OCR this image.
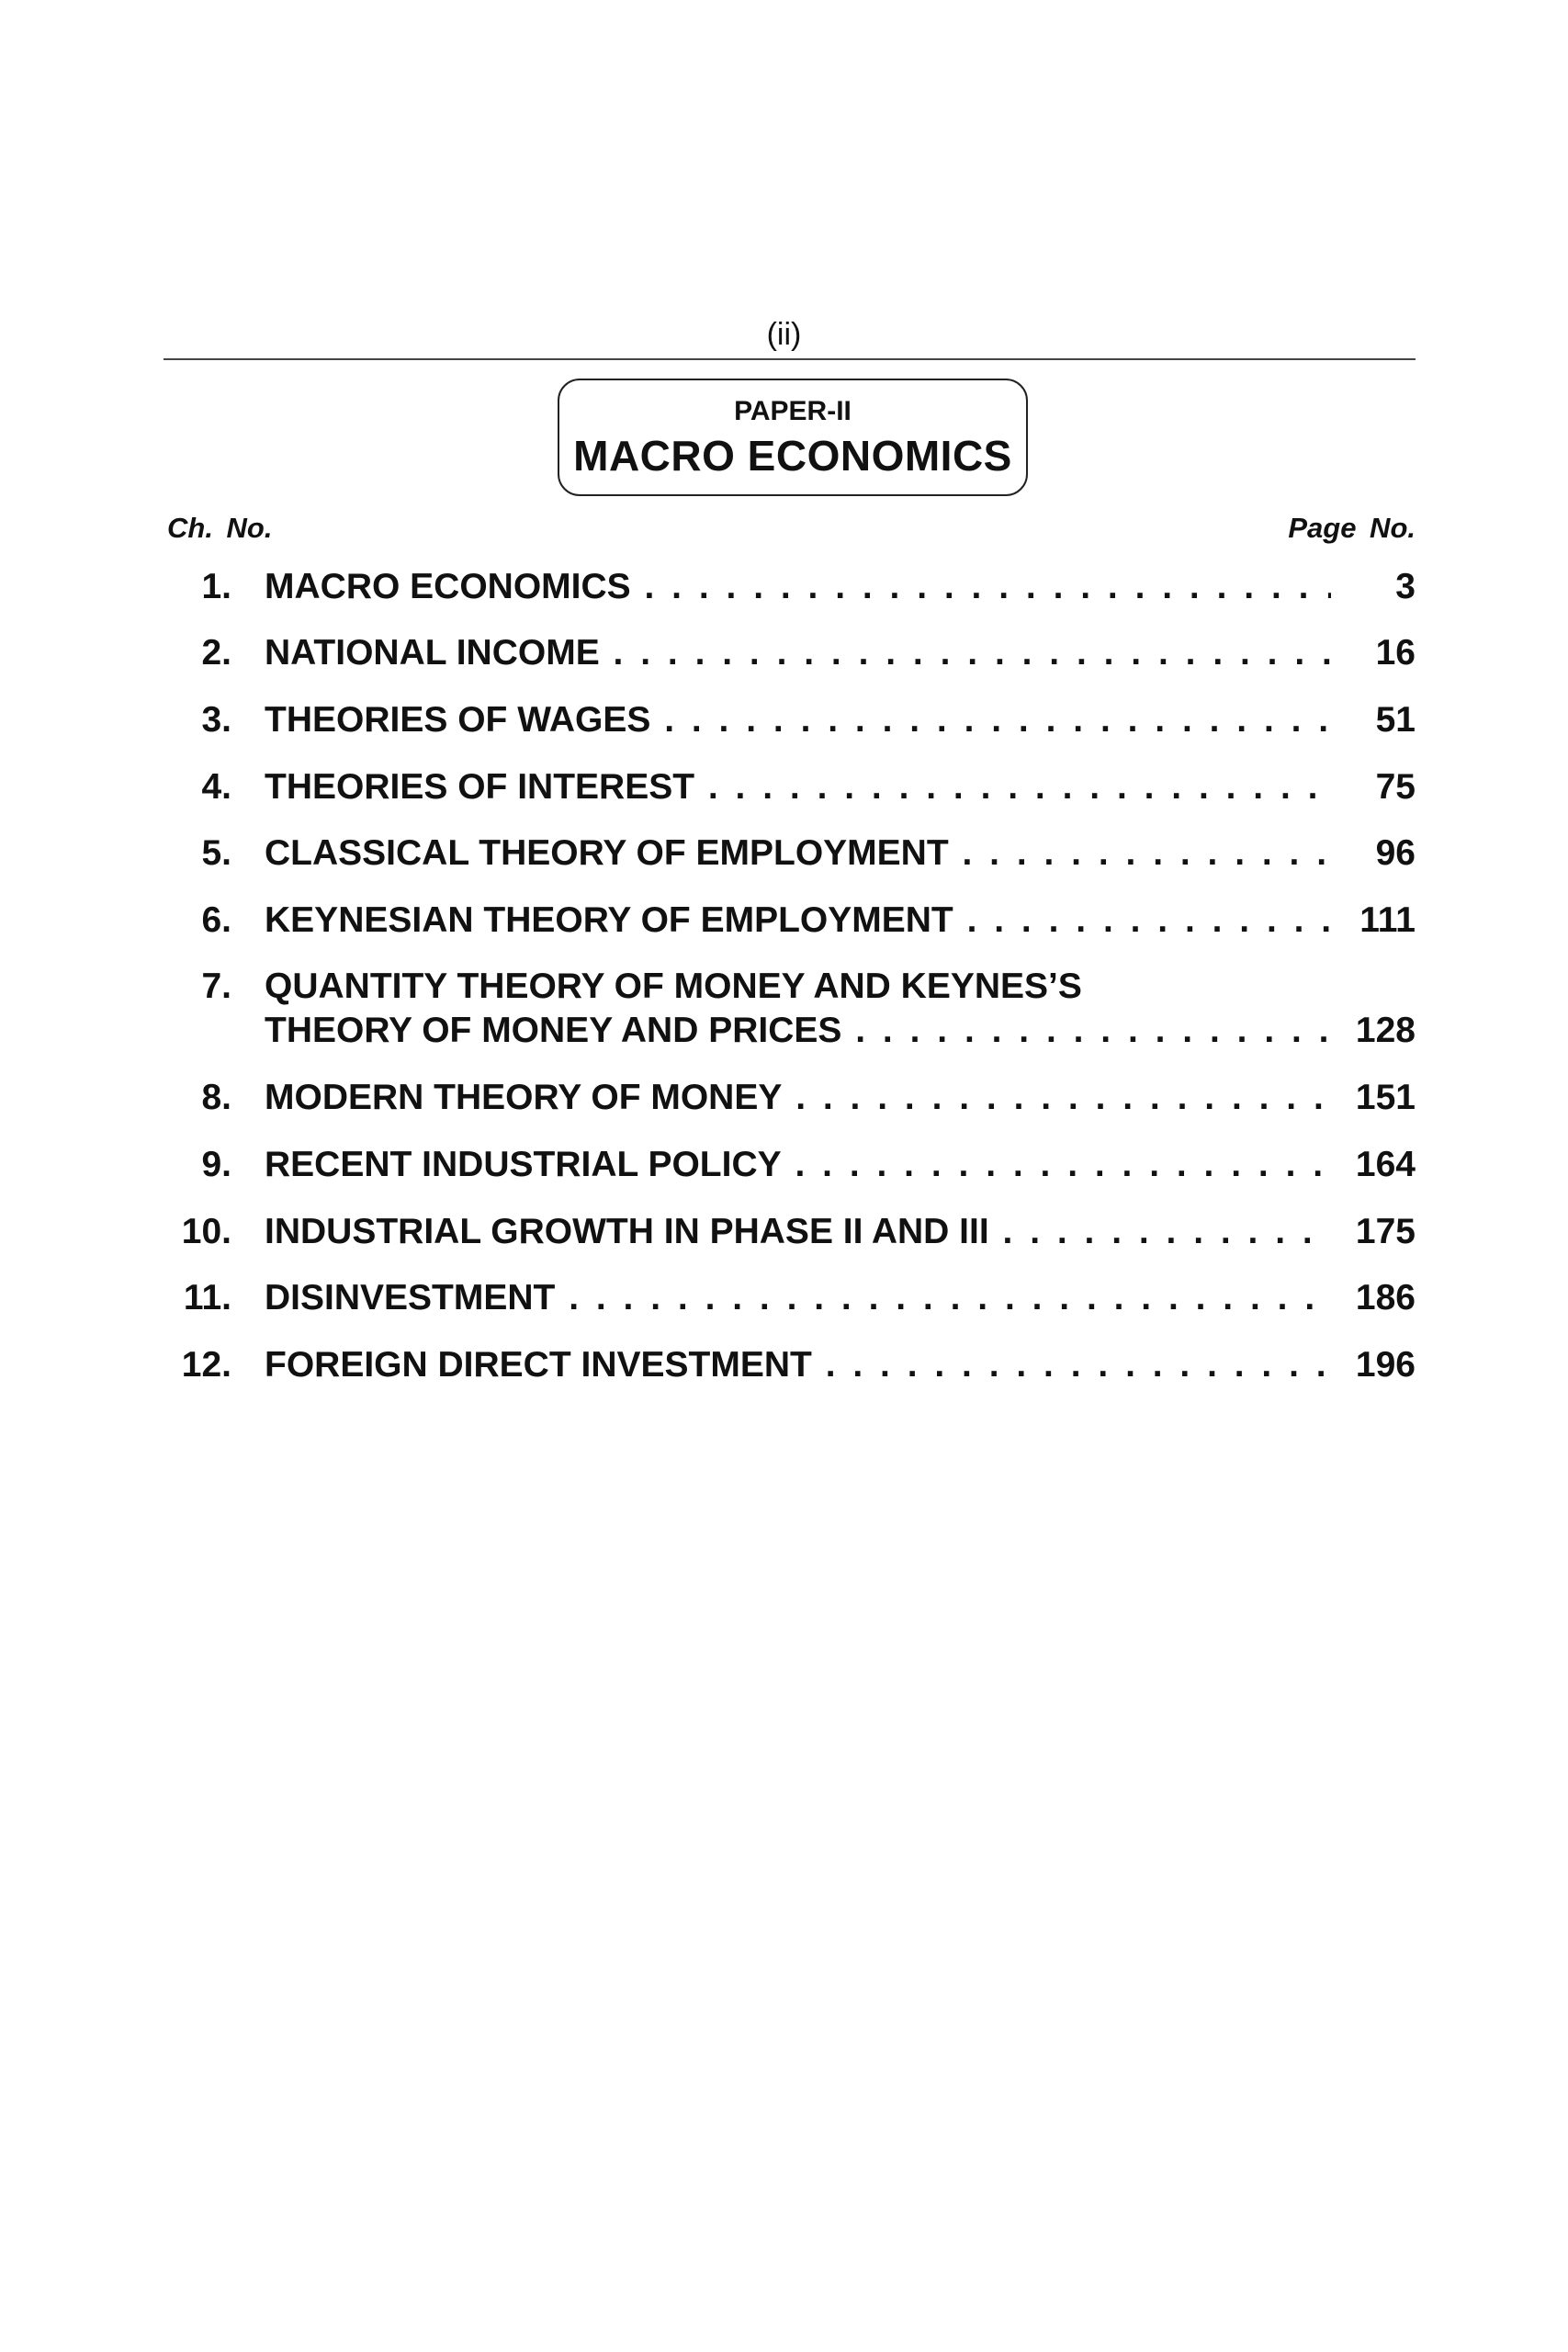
(ii)
PAPER-II
MACRO ECONOMICS
Ch. No.	Page No.
1. MACRO ECONOMICS . . .	3
2. NATIONAL INCOME . . .	16
3. THEORIES OF WAGES . . .	51
4. THEORIES OF INTEREST . . .	75
5. CLASSICAL THEORY OF EMPLOYMENT . . .	96
6. KEYNESIAN THEORY OF EMPLOYMENT . . .	111
7. QUANTITY THEORY OF MONEY AND KEYNES’S
THEORY OF MONEY AND PRICES . . .	128
8. MODERN THEORY OF MONEY . . .	151
9. RECENT INDUSTRIAL POLICY . . .	164
10. INDUSTRIAL GROWTH IN PHASE II AND III . . .	175
11. DISINVESTMENT . . .	186
12. FOREIGN DIRECT INVESTMENT . . .	196
